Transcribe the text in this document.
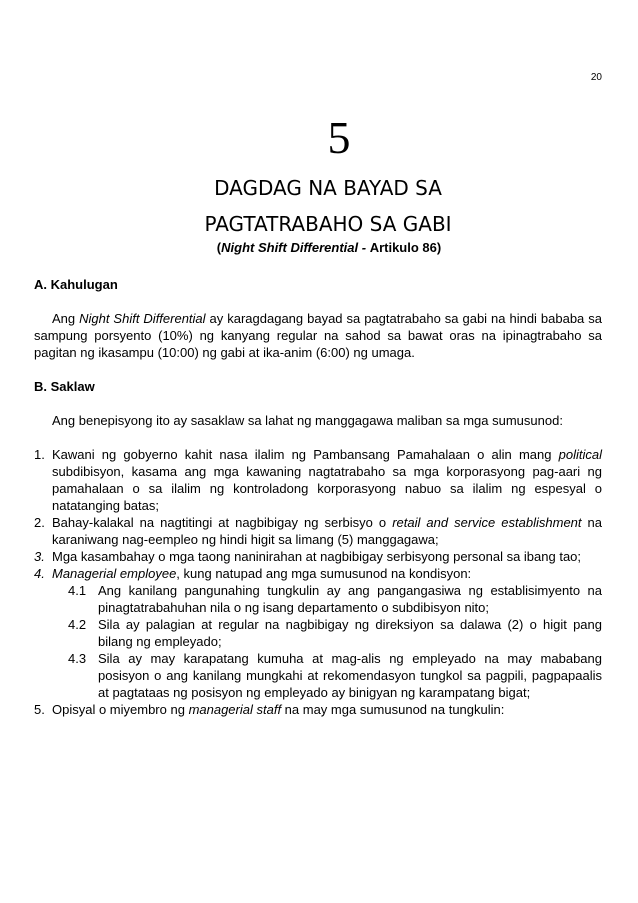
20
5
DAGDAG NA BAYAD SA
PAGTATRABAHO SA GABI
(Night Shift Differential - Artikulo 86)

A. Kahulugan

Ang Night Shift Differential ay karagdagang bayad sa pagtatrabaho sa gabi na hindi bababa sa sampung porsyento (10%) ng kanyang regular na sahod sa bawat oras na ipinagtrabaho sa pagitan ng ikasampu (10:00) ng gabi at ika-anim (6:00) ng umaga.

B. Saklaw

Ang benepisyong ito ay sasaklaw sa lahat ng manggagawa maliban sa mga sumusunod:

1. Kawani ng gobyerno kahit nasa ilalim ng Pambansang Pamahalaan o alin mang political subdibisyon, kasama ang mga kawaning nagtatrabaho sa mga korporasyong pag-aari ng pamahalaan o sa ilalim ng kontroladong korporasyong nabuo sa ilalim ng espesyal o natatanging batas;
2. Bahay-kalakal na nagtitingi at nagbibigay ng serbisyo o retail and service establishment na karaniwang nag-eempleo ng hindi higit sa limang (5) manggagawa;
3. Mga kasambahay o mga taong naninirahan at nagbibigay serbisyong personal sa ibang tao;
4. Managerial employee, kung natupad ang mga sumusunod na kondisyon:
4.1 Ang kanilang pangunahing tungkulin ay ang pangangasiwa ng establisimyento na pinagtatrabahuhan nila o ng isang departamento o subdibisyon nito;
4.2 Sila ay palagian at regular na nagbibigay ng direksiyon sa dalawa (2) o higit pang bilang ng empleyado;
4.3 Sila ay may karapatang kumuha at mag-alis ng empleyado na may mababang posisyon o ang kanilang mungkahi at rekomendasyon tungkol sa pagpili, pagpapaalis at pagtataas ng posisyon ng empleyado ay binigyan ng karampatang bigat;
5. Opisyal o miyembro ng managerial staff na may mga sumusunod na tungkulin:
